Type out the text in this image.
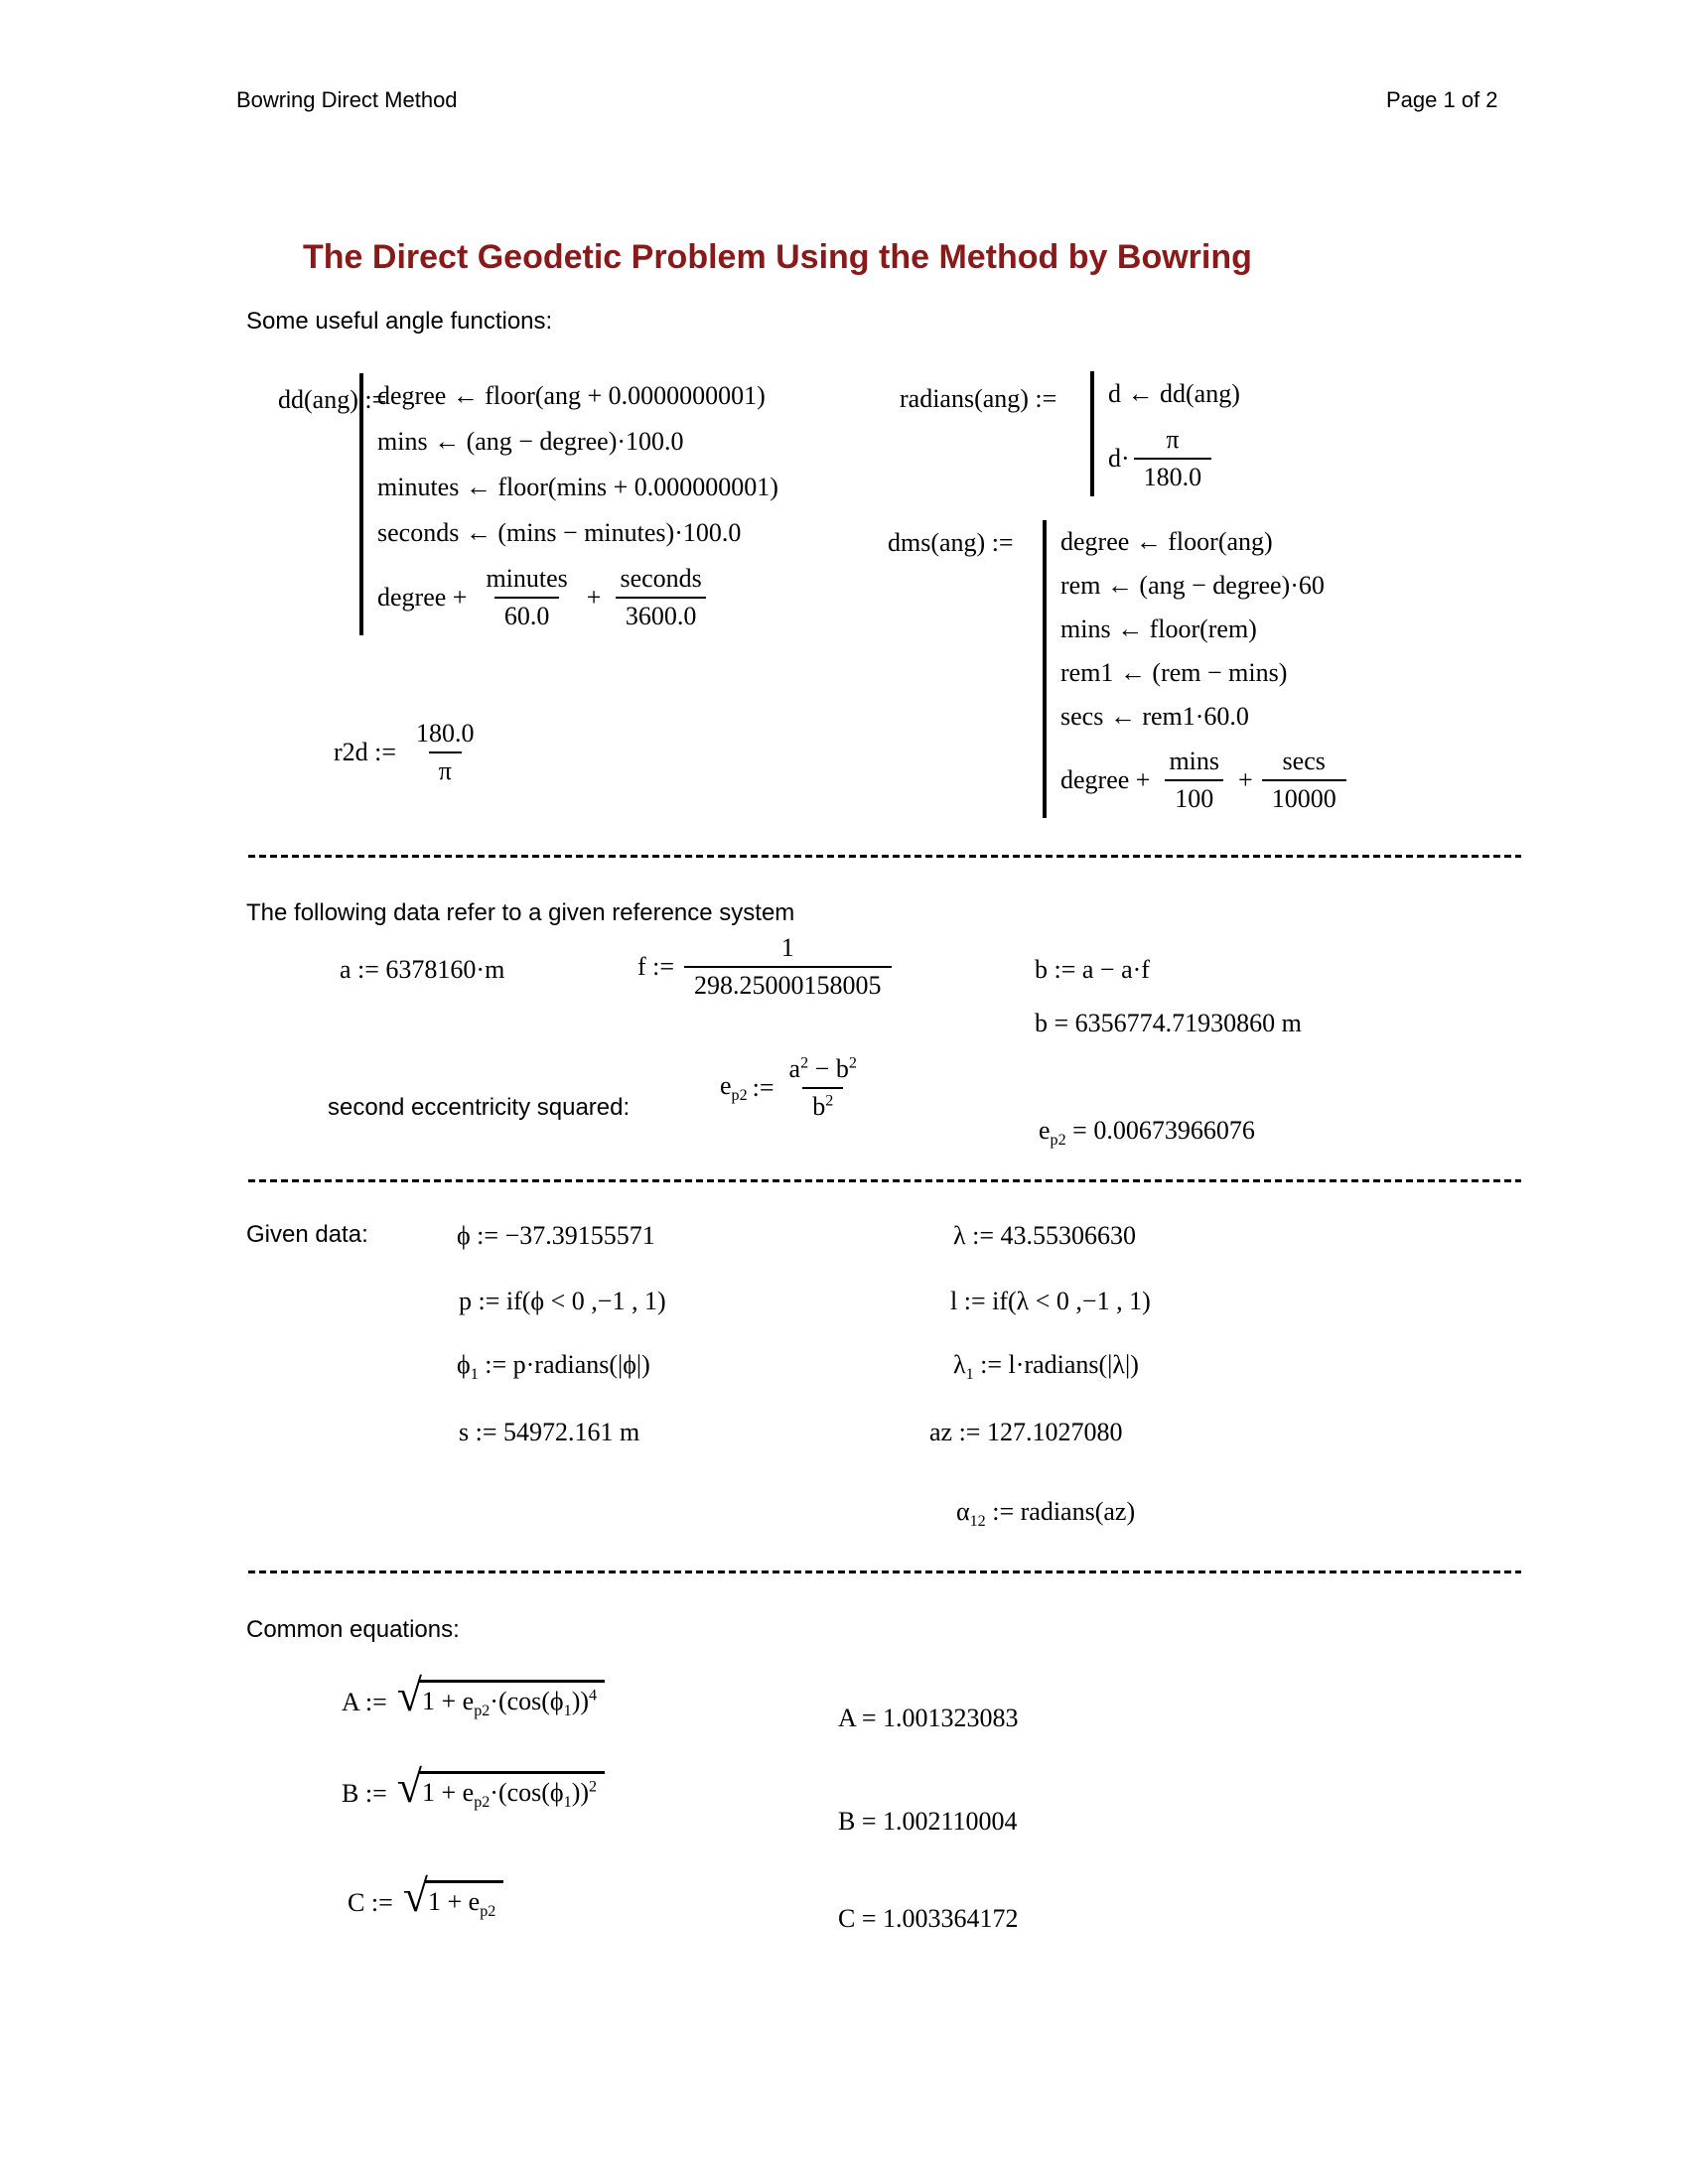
Bowring Direct Method	Page 1 of 2
The Direct Geodetic Problem Using the Method by Bowring
Some useful angle functions:
dd(ang) :=
degree ← floor(ang + 0.0000000001)
mins ← (ang − degree)·100.0
minutes ← floor(mins + 0.000000001)
seconds ← (mins − minutes)·100.0
degree + $\frac{\text{minutes}}{60.0} + \frac{\text{seconds}}{3600.0}$
radians(ang) := d ← dd(ang)
$d\cdot \frac{\pi}{180.0}$
dms(ang) := degree ← floor(ang)
rem ← (ang − degree)·60
mins ← floor(rem)
rem1 ← (rem − mins)
secs ← rem1·60.0
degree + $\frac{\min s}{100} + \frac{\sec s}{10000}$
r2d := $\frac{180.0}{\pi}$
The following data refer to a given reference system
a := 6378160·m	f := $\frac{1}{298.25000158005}$	b := a − a·f
b = 6356774.71930860 m
second eccentricity squared:
$e_{p2}$ := $\frac{a^2 - b^2}{b^2}$
$e_{p2} = 0.00673966076$
Given data:	ϕ := −37.39155571
p := if(ϕ < 0 ,−1 , 1)
$\phi_1$ := p·radians(|ϕ|)
s := 54972.161 m
λ := 43.55306630
l := if(λ < 0 ,−1 , 1)
$\lambda_1$ := l·radians(|λ|)
az := 127.1027080
$\alpha_{12}$ := radians(az)
Common equations:
A := √ $1 + e_{p2}\cdot(\cos(\phi_1))^4$
A = 1.001323083
B := √ $1 + e_{p2}\cdot(\cos(\phi_1))^2$
B = 1.002110004
C := √ $1 + e_{p2}$	C = 1.003364172
